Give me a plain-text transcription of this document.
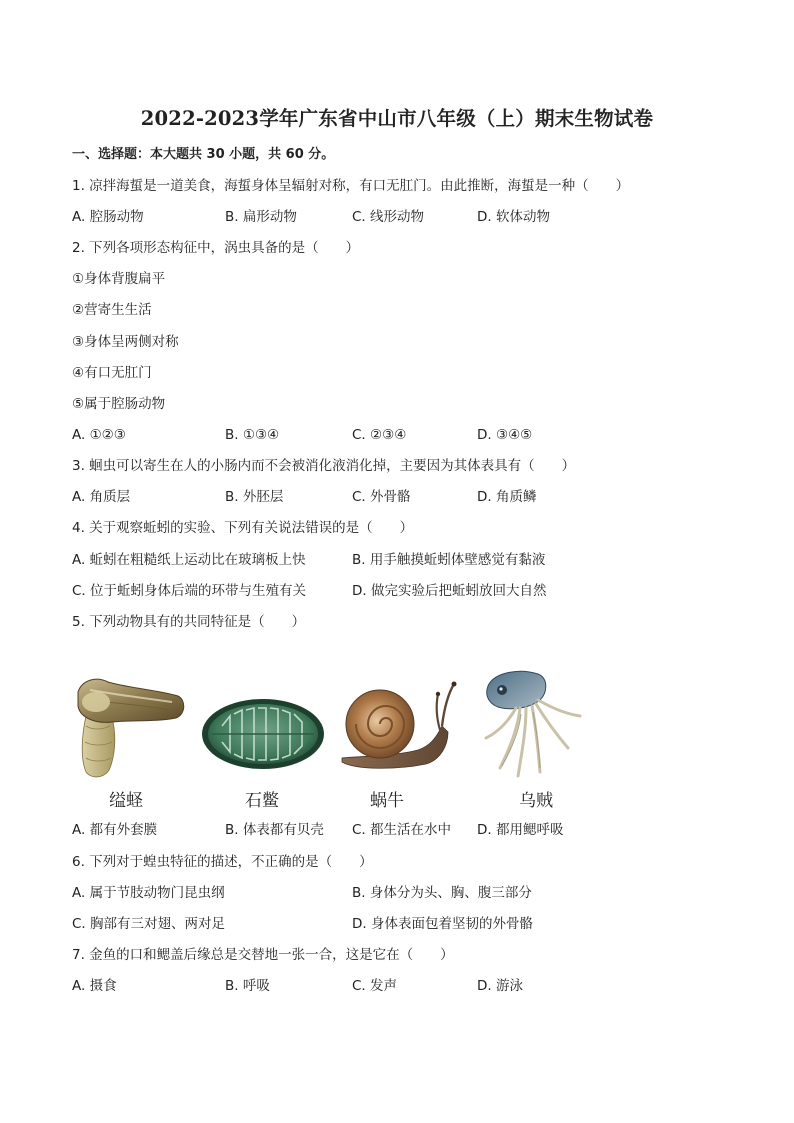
2022-2023学年广东省中山市八年级（上）期末生物试卷
一、选择题：本大题共 30 小题，共 60 分。
1. 凉拌海蜇是一道美食，海蜇身体呈辐射对称，有口无肛门。由此推断，海蜇是一种（　　）
A. 腔肠动物	B. 扁形动物	C. 线形动物	D. 软体动物
2. 下列各项形态构征中，涡虫具备的是（　　）
①身体背腹扁平
②营寄生生活
③身体呈两侧对称
④有口无肛门
⑤属于腔肠动物
A. ①②③	B. ①③④	C. ②③④	D. ③④⑤
3. 蛔虫可以寄生在人的小肠内而不会被消化液消化掉，主要因为其体表具有（　　）
A. 角质层	B. 外胚层	C. 外骨骼	D. 角质鳞
4. 关于观察蚯蚓的实验、下列有关说法错误的是（　　）
A. 蚯蚓在粗糙纸上运动比在玻璃板上快	B. 用手触摸蚯蚓体壁感觉有黏液
C. 位于蚯蚓身体后端的环带与生殖有关	D. 做完实验后把蚯蚓放回大自然
5. 下列动物具有的共同特征是（　　）
缢蛏	石鳖	蜗牛	乌贼
A. 都有外套膜	B. 体表都有贝壳 C. 都生活在水中 D. 都用鳃呼吸
6. 下列对于蝗虫特征的描述，不正确的是（　　）
A. 属于节肢动物门昆虫纲	B. 身体分为头、胸、腹三部分
C. 胸部有三对翅、两对足	D. 身体表面包着坚韧的外骨骼
7. 金鱼的口和鳃盖后缘总是交替地一张一合，这是它在（　　）
A. 摄食	B. 呼吸	C. 发声	D. 游泳
